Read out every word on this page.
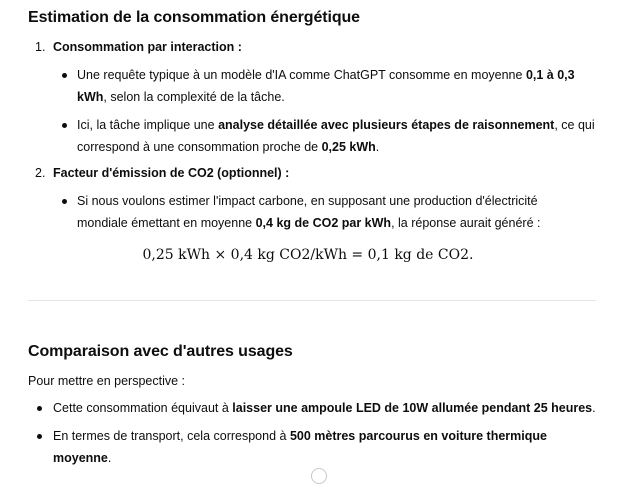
Estimation de la consommation énergétique
1. Consommation par interaction :
Une requête typique à un modèle d'IA comme ChatGPT consomme en moyenne 0,1 à 0,3
kWh, selon la complexité de la tâche.
Ici, la tâche implique une analyse détaillée avec plusieurs étapes de raisonnement, ce qui
correspond à une consommation proche de 0,25 kWh.
2. Facteur d'émission de CO2 (optionnel) :
Si nous voulons estimer l'impact carbone, en supposant une production d'électricité
mondiale émettant en moyenne 0,4 kg de CO2 par kWh, la réponse aurait généré :
0,25 kWh × 0,4 kg CO2/kWh = 0,1 kg de CO2.
Comparaison avec d'autres usages
Pour mettre en perspective :
Cette consommation équivaut à laisser une ampoule LED de 10W allumée pendant 25 heures.
En termes de transport, cela correspond à 500 mètres parcourus en voiture thermique
moyenne.
